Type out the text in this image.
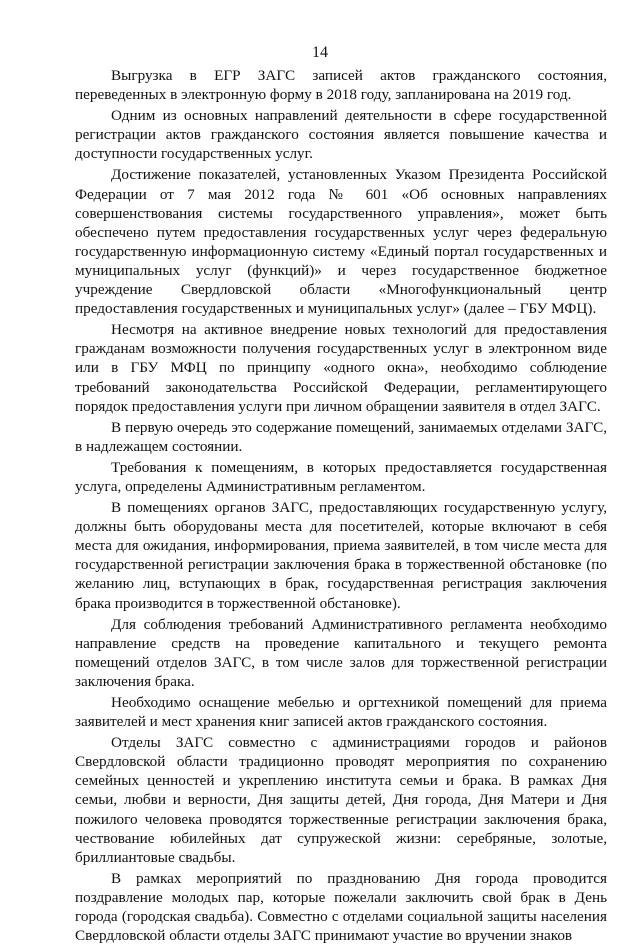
14

Выгрузка в ЕГР ЗАГС записей актов гражданского состояния, переведенных в электронную форму в 2018 году, запланирована на 2019 год.

Одним из основных направлений деятельности в сфере государственной регистрации актов гражданского состояния является повышение качества и доступности государственных услуг.

Достижение показателей, установленных Указом Президента Российской Федерации от 7 мая 2012 года № 601 «Об основных направлениях совершенствования системы государственного управления», может быть обеспечено путем предоставления государственных услуг через федеральную государственную информационную систему «Единый портал государственных и муниципальных услуг (функций)» и через государственное бюджетное учреждение Свердловской области «Многофункциональный центр предоставления государственных и муниципальных услуг» (далее – ГБУ МФЦ).

Несмотря на активное внедрение новых технологий для предоставления гражданам возможности получения государственных услуг в электронном виде или в ГБУ МФЦ по принципу «одного окна», необходимо соблюдение требований законодательства Российской Федерации, регламентирующего порядок предоставления услуги при личном обращении заявителя в отдел ЗАГС.

В первую очередь это содержание помещений, занимаемых отделами ЗАГС, в надлежащем состоянии.

Требования к помещениям, в которых предоставляется государственная услуга, определены Административным регламентом.

В помещениях органов ЗАГС, предоставляющих государственную услугу, должны быть оборудованы места для посетителей, которые включают в себя места для ожидания, информирования, приема заявителей, в том числе места для государственной регистрации заключения брака в торжественной обстановке (по желанию лиц, вступающих в брак, государственная регистрация заключения брака производится в торжественной обстановке).

Для соблюдения требований Административного регламента необходимо направление средств на проведение капитального и текущего ремонта помещений отделов ЗАГС, в том числе залов для торжественной регистрации заключения брака.

Необходимо оснащение мебелью и оргтехникой помещений для приема заявителей и мест хранения книг записей актов гражданского состояния.

Отделы ЗАГС совместно с администрациями городов и районов Свердловской области традиционно проводят мероприятия по сохранению семейных ценностей и укреплению института семьи и брака. В рамках Дня семьи, любви и верности, Дня защиты детей, Дня города, Дня Матери и Дня пожилого человека проводятся торжественные регистрации заключения брака, чествование юбилейных дат супружеской жизни: серебряные, золотые, бриллиантовые свадьбы.

В рамках мероприятий по празднованию Дня города проводится поздравление молодых пар, которые пожелали заключить свой брак в День города (городская свадьба). Совместно с отделами социальной защиты населения Свердловской области отделы ЗАГС принимают участие во вручении знаков
